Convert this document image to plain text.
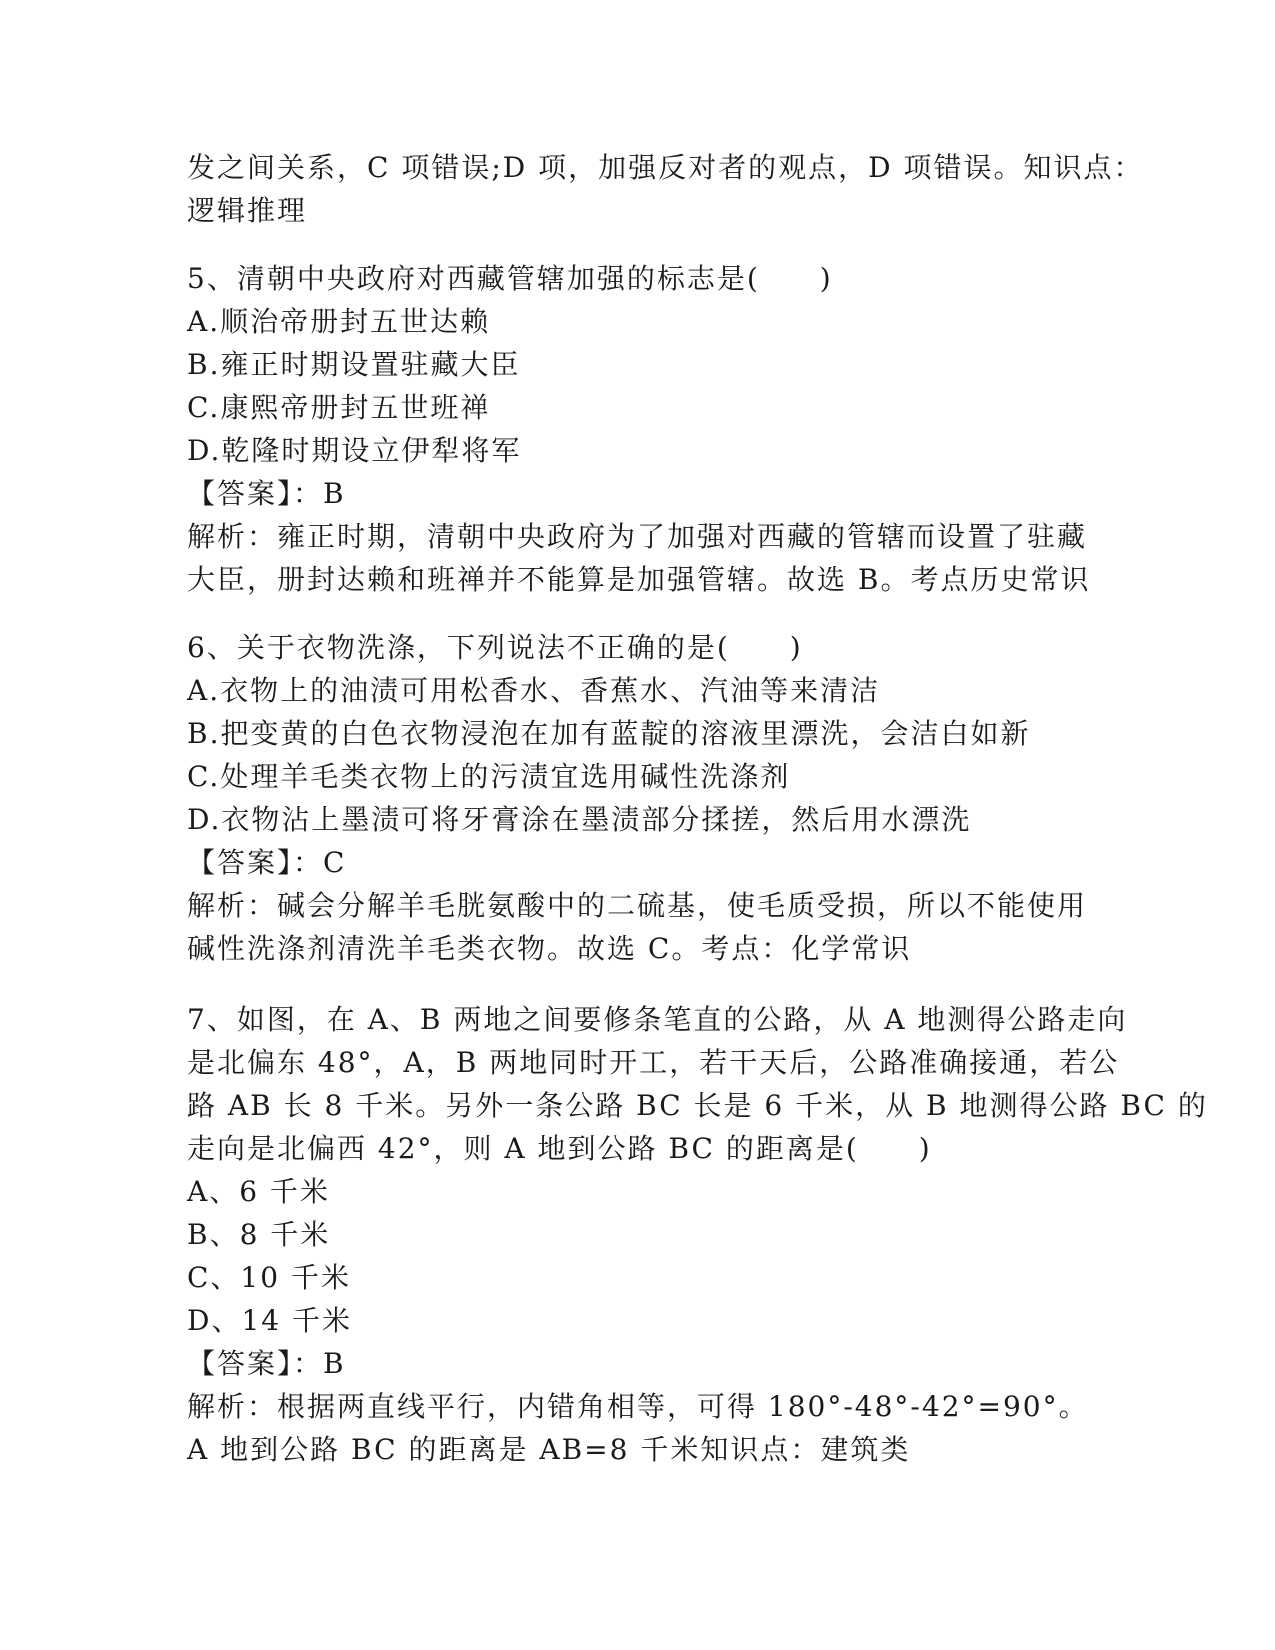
发之间关系，C 项错误;D 项，加强反对者的观点，D 项错误。知识点：
逻辑推理
5、清朝中央政府对西藏管辖加强的标志是(　　)
A.顺治帝册封五世达赖
B.雍正时期设置驻藏大臣
C.康熙帝册封五世班禅
D.乾隆时期设立伊犁将军
【答案】：B
解析：雍正时期，清朝中央政府为了加强对西藏的管辖而设置了驻藏
大臣，册封达赖和班禅并不能算是加强管辖。故选 B。考点历史常识
6、关于衣物洗涤，下列说法不正确的是(　　)
A.衣物上的油渍可用松香水、香蕉水、汽油等来清洁
B.把变黄的白色衣物浸泡在加有蓝靛的溶液里漂洗，会洁白如新
C.处理羊毛类衣物上的污渍宜选用碱性洗涤剂
D.衣物沾上墨渍可将牙膏涂在墨渍部分揉搓，然后用水漂洗
【答案】：C
解析：碱会分解羊毛胱氨酸中的二硫基，使毛质受损，所以不能使用
碱性洗涤剂清洗羊毛类衣物。故选 C。考点：化学常识
7、如图，在 A、B 两地之间要修条笔直的公路，从 A 地测得公路走向
是北偏东 48°，A，B 两地同时开工，若干天后，公路准确接通，若公
路 AB 长 8 千米。另外一条公路 BC 长是 6 千米，从 B 地测得公路 BC 的
走向是北偏西 42°，则 A 地到公路 BC 的距离是(　　)
A、6 千米
B、8 千米
C、10 千米
D、14 千米
【答案】：B
解析：根据两直线平行，内错角相等，可得 180°-48°-42°=90°。
A 地到公路 BC 的距离是 AB=8 千米知识点：建筑类
